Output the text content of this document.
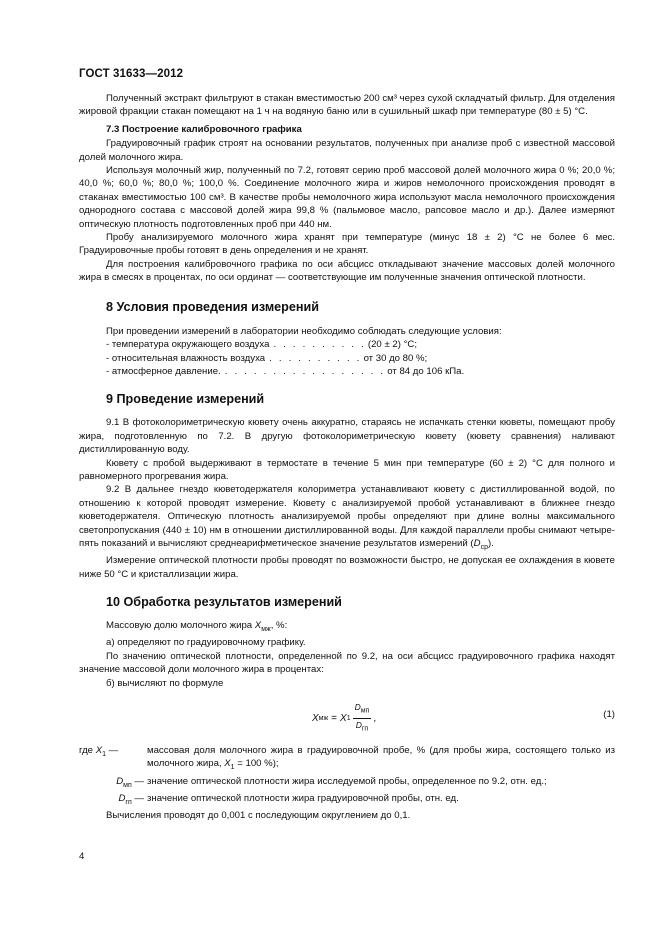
ГОСТ 31633—2012

Полученный экстракт фильтруют в стакан вместимостью 200 см³ через сухой складчатый фильтр. Для отделения жировой фракции стакан помещают на 1 ч на водяную баню или в сушильный шкаф при температуре (80 ± 5) °С.

7.3 Построение калибровочного графика

Градуировочный график строят на основании результатов, полученных при анализе проб с известной массовой долей молочного жира.

Используя молочный жир, полученный по 7.2, готовят серию проб массовой долей молочного жира 0 %; 20,0 %; 40,0 %; 60,0 %; 80,0 %; 100,0 %. Соединение молочного жира и жиров немолочного происхождения проводят в стаканах вместимостью 100 см³. В качестве пробы немолочного жира используют масла немолочного происхождения однородного состава с массовой долей жира 99,8 % (пальмовое масло, рапсовое масло и др.). Далее измеряют оптическую плотность подготовленных проб при 440 нм.

Пробу анализируемого молочного жира хранят при температуре (минус 18 ± 2) °С не более 6 мес. Градуировочные пробы готовят в день определения и не хранят.

Для построения калибровочного графика по оси абсцисс откладывают значение массовых долей молочного жира в смесях в процентах, по оси ординат — соответствующие им полученные значения оптической плотности.

8 Условия проведения измерений

При проведении измерений в лаборатории необходимо соблюдать следующие условия:

- температура окружающего воздуха . . . . . . . . . . (20 ± 2) °С;
- относительная влажность воздуха . . . . . . . . . . от 30 до 80 %;
- атмосферное давление. . . . . . . . . . . . . . . . . . от 84 до 106 кПа.
9 Проведение измерений

9.1 В фотоколориметрическую кювету очень аккуратно, стараясь не испачкать стенки кюветы, помещают пробу жира, подготовленную по 7.2. В другую фотоколориметрическую кювету (кювету сравнения) наливают дистиллированную воду.

Кювету с пробой выдерживают в термостате в течение 5 мин при температуре (60 ± 2) °С для полного и равномерного прогревания жира.

9.2 В дальнее гнездо кюветодержателя колориметра устанавливают кювету с дистиллированной водой, по отношению к которой проводят измерение. Кювету с анализируемой пробой устанавливают в ближнее гнездо кюветодержателя. Оптическую плотность анализируемой пробы определяют при длине волны максимального светопропускания (440 ± 10) нм в отношении дистиллированной воды. Для каждой параллели пробы снимают четыре-пять показаний и вычисляют среднеарифметическое значение результатов измерений $(D_{ср})$.

Измерение оптической плотности пробы проводят по возможности быстро, не допуская ее охлаждения в кювете ниже 50 °С и кристаллизации жира.

10 Обработка результатов измерений

Массовую долю молочного жира $X_{мж}$, %:

а) определяют по градуировочному графику.

По значению оптической плотности, определенной по 9.2, на оси абсцисс градуировочного графика находят значение массовой доли молочного жира в процентах:

б) вычисляют по формуле

X мж = X $1 \frac{D_{мп}}{D_{гп}}$ ,	(1)
где $X_1$ —	массовая доля молочного жира в градуировочной пробе, % (для пробы жира, состоящего только из молочного жира, $X_1 = 100$ %);
$D_{мп}$ — значение оптической плотности жира исследуемой пробы, определенное по 9.2, отн. ед.;
$D_{гп}$ — значение оптической плотности жира градуировочной пробы, отн. ед.

Вычисления проводят до 0,001 с последующим округлением до 0,1.

4
